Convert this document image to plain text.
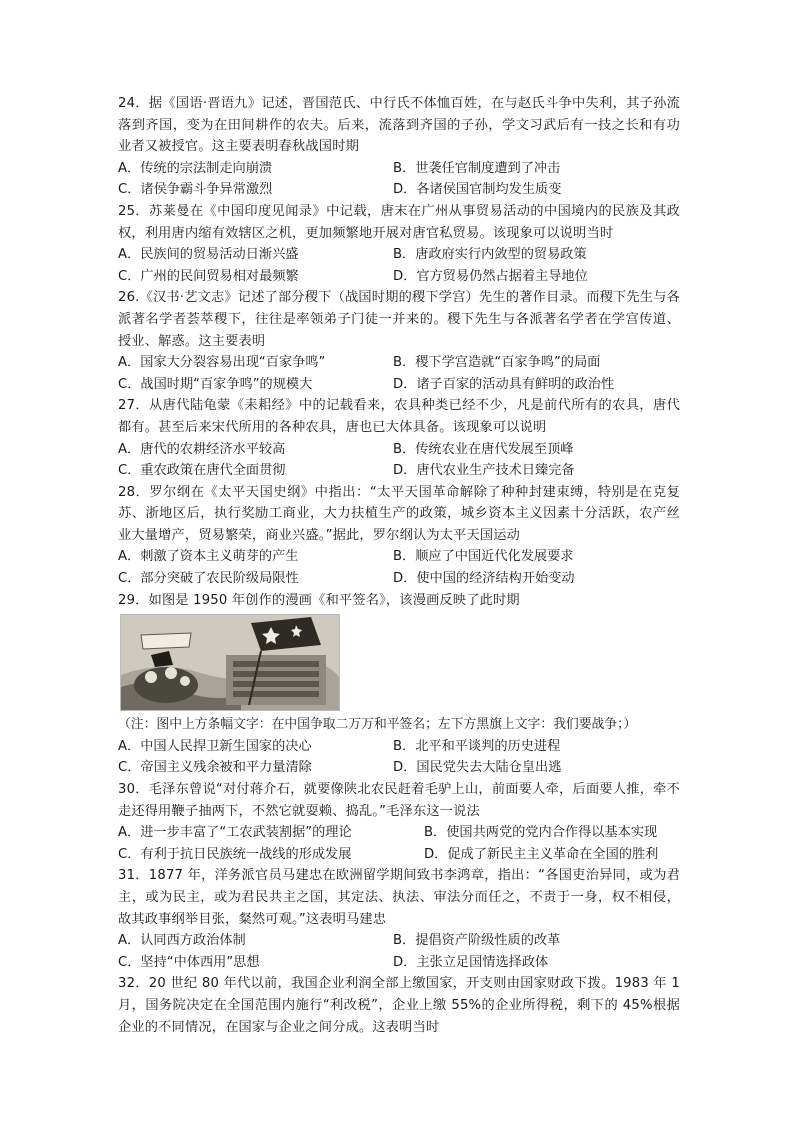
24．据《国语·晋语九》记述，晋国范氏、中行氏不体恤百姓，在与赵氏斗争中失利，其子孙流落到齐国，变为在田间耕作的农夫。后来，流落到齐国的子孙，学文习武后有一技之长和有功业者又被授官。这主要表明春秋战国时期

A．传统的宗法制走向崩溃	B．世袭任官制度遭到了冲击
C．诸侯争霸斗争异常激烈	D．各诸侯国官制均发生质变

25．苏莱曼在《中国印度见闻录》中记载，唐末在广州从事贸易活动的中国境内的民族及其政权，利用唐内缩有效辖区之机，更加频繁地开展对唐官私贸易。该现象可以说明当时

A．民族间的贸易活动日渐兴盛	B．唐政府实行内敛型的贸易政策
C．广州的民间贸易相对最频繁	D．官方贸易仍然占据着主导地位

26.《汉书·艺文志》记述了部分稷下（战国时期的稷下学宫）先生的著作目录。而稷下先生与各派著名学者荟萃稷下，往往是率领弟子门徒一并来的。稷下先生与各派著名学者在学宫传道、授业、解惑。这主要表明

A．国家大分裂容易出现“百家争鸣”	B．稷下学宫造就“百家争鸣”的局面
C．战国时期“百家争鸣”的规模大	D．诸子百家的活动具有鲜明的政治性

27．从唐代陆龟蒙《耒耜经》中的记载看来，农具种类已经不少，凡是前代所有的农具，唐代都有。甚至后来宋代所用的各种农具，唐也已大体具备。该现象可以说明

A．唐代的农耕经济水平较高	B．传统农业在唐代发展至顶峰
C．重农政策在唐代全面贯彻	D．唐代农业生产技术日臻完备

28．罗尔纲在《太平天国史纲》中指出：“太平天国革命解除了种种封建束缚，特别是在克复苏、浙地区后，执行奖励工商业，大力扶植生产的政策，城乡资本主义因素十分活跃，农产丝业大量增产，贸易繁荣，商业兴盛。”据此，罗尔纲认为太平天国运动

A．刺激了资本主义萌芽的产生	B．顺应了中国近代化发展要求
C．部分突破了农民阶级局限性	D．使中国的经济结构开始变动

29．如图是 1950 年创作的漫画《和平签名》，该漫画反映了此时期

（注：图中上方条幅文字：在中国争取二万万和平签名；左下方黑旗上文字：我们要战争；）

A．中国人民捍卫新生国家的决心	B．北平和平谈判的历史进程
C．帝国主义残余被和平力量清除	D．国民党失去大陆仓皇出逃

30．毛泽东曾说“对付蒋介石，就要像陕北农民赶着毛驴上山，前面要人牵，后面要人推，牵不走还得用鞭子抽两下，不然它就耍赖、捣乱。”毛泽东这一说法

A．进一步丰富了“工农武装割据”的理论	B．使国共两党的党内合作得以基本实现
C．有利于抗日民族统一战线的形成发展	D．促成了新民主主义革命在全国的胜利

31．1877 年，洋务派官员马建忠在欧洲留学期间致书李鸿章，指出：“各国吏治异同，或为君主，或为民主，或为君民共主之国，其定法、执法、审法分而任之，不责于一身，权不相侵，故其政事纲举目张，粲然可观。”这表明马建忠

A．认同西方政治体制	B．提倡资产阶级性质的改革
C．坚持“中体西用”思想	D．主张立足国情选择政体

32．20 世纪 80 年代以前，我国企业利润全部上缴国家，开支则由国家财政下拨。1983 年 1 月，国务院决定在全国范围内施行“利改税”，企业上缴 55%的企业所得税，剩下的 45%根据企业的不同情况，在国家与企业之间分成。这表明当时
